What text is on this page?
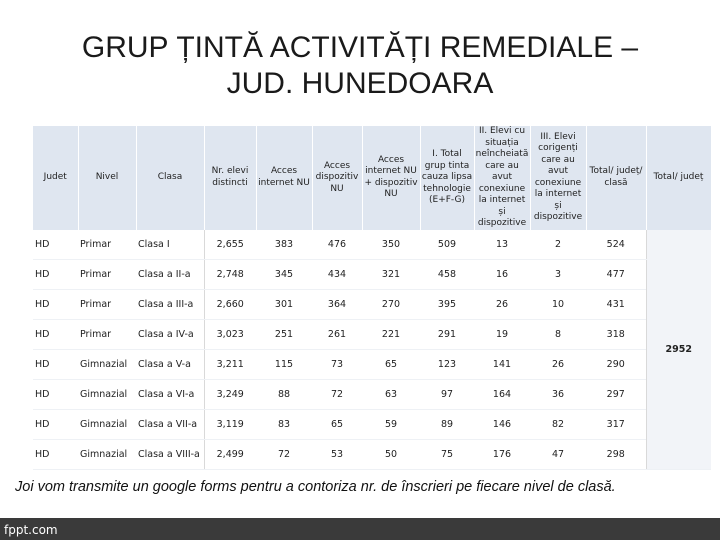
GRUP ȚINTĂ ACTIVITĂȚI REMEDIALE –
JUD. HUNEDOARA
Judet	Nivel	Clasa	Nr. elevi distincti	Acces internet NU	Acces dispozitiv NU	Acces internet NU + dispozitiv NU	I. Total grup tinta cauza lipsa tehnologie (E+F-G)	II. Elevi cu situația neîncheiată care au avut conexiune la internet și dispozitive	III. Elevi corigenți care au avut conexiune la internet și dispozitive	Total/ județ/ clasă	Total/ județ
HD	Primar	Clasa I	2,655	383	476	350	509	13	2	524	2952
HD	Primar	Clasa a II-a	2,748	345	434	321	458	16	3	477	
HD	Primar	Clasa a III-a	2,660	301	364	270	395	26	10	431	
HD	Primar	Clasa a IV-a	3,023	251	261	221	291	19	8	318	
HD	Gimnazial	Clasa a V-a	3,211	115	73	65	123	141	26	290	
HD	Gimnazial	Clasa a VI-a	3,249	88	72	63	97	164	36	297	
HD	Gimnazial	Clasa a VII-a	3,119	83	65	59	89	146	82	317	
HD	Gimnazial	Clasa a VIII-a	2,499	72	53	50	75	176	47	298	
Joi vom transmite un google forms pentru a contoriza nr. de înscrieri pe fiecare nivel de clasă.
fppt.com
